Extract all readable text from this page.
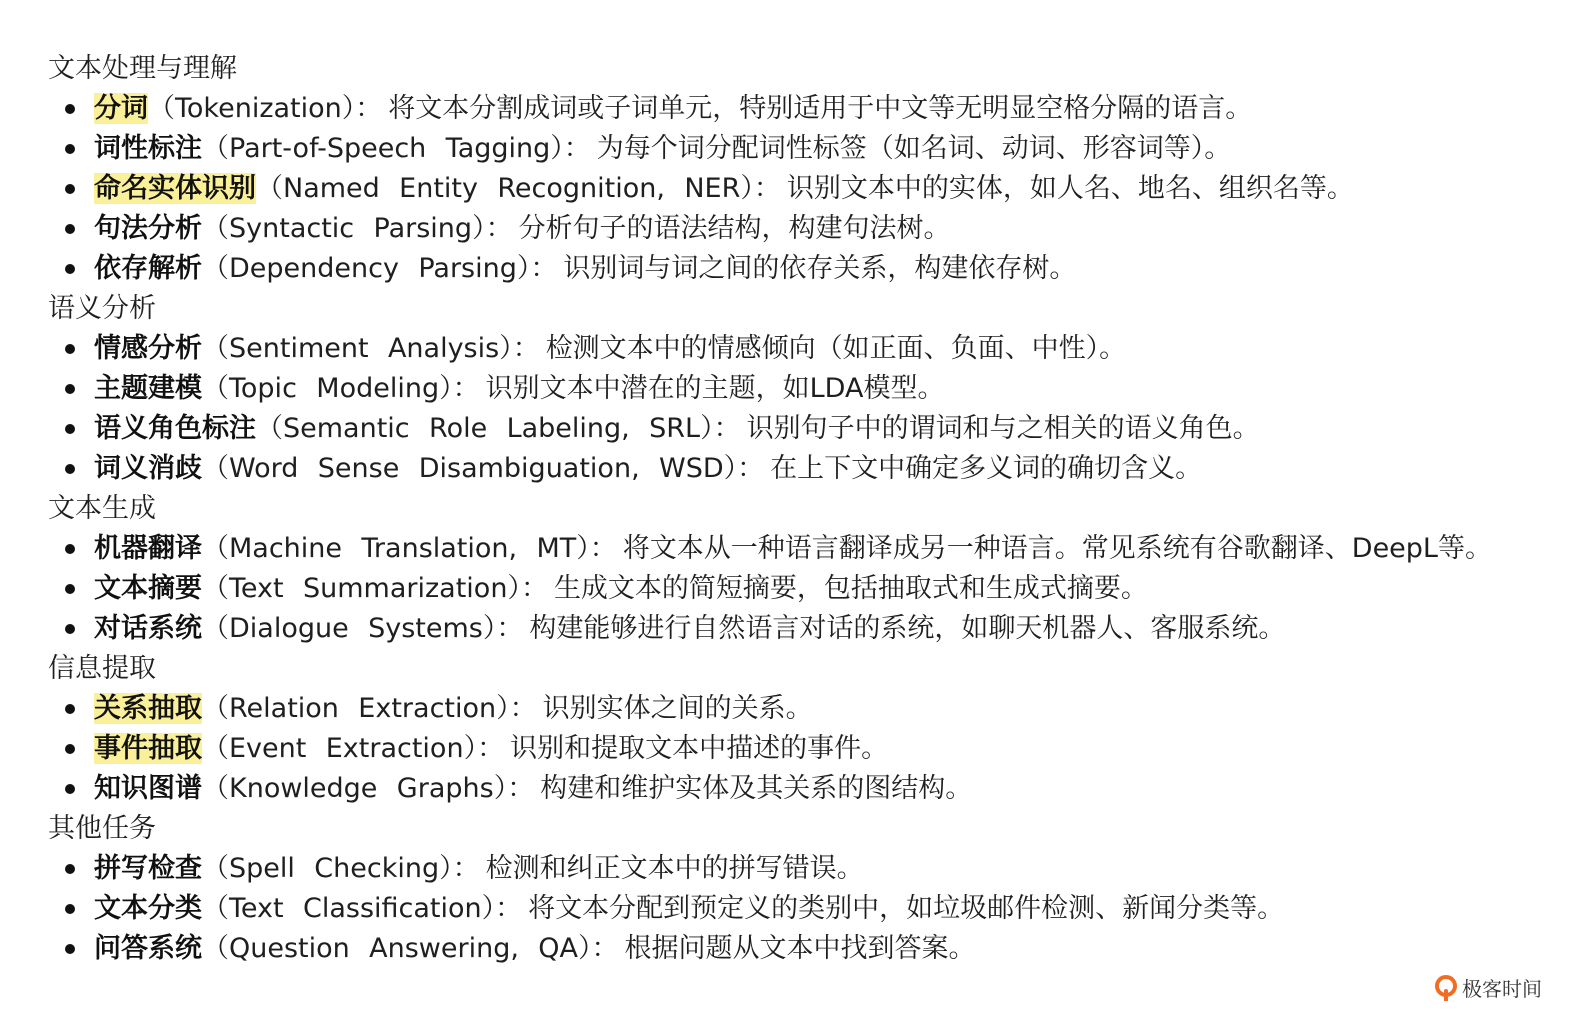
文本处理与理解
分词（Tokenization）： 将文本分割成词或子词单元，特别适用于中文等无明显空格分隔的语言。
词性标注（Part-of-Speech Tagging）： 为每个词分配词性标签（如名词、动词、形容词等）。
命名实体识别（Named Entity Recognition, NER）： 识别文本中的实体，如人名、地名、组织名等。
句法分析（Syntactic Parsing）： 分析句子的语法结构，构建句法树。
依存解析（Dependency Parsing）： 识别词与词之间的依存关系，构建依存树。
语义分析
情感分析（Sentiment Analysis）： 检测文本中的情感倾向（如正面、负面、中性）。
主题建模（Topic Modeling）： 识别文本中潜在的主题，如LDA模型。
语义角色标注（Semantic Role Labeling, SRL）： 识别句子中的谓词和与之相关的语义角色。
词义消歧（Word Sense Disambiguation, WSD）： 在上下文中确定多义词的确切含义。
文本生成
机器翻译（Machine Translation, MT）： 将文本从一种语言翻译成另一种语言。常见系统有谷歌翻译、DeepL等。
文本摘要（Text Summarization）： 生成文本的简短摘要，包括抽取式和生成式摘要。
对话系统（Dialogue Systems）： 构建能够进行自然语言对话的系统，如聊天机器人、客服系统。
信息提取
关系抽取（Relation Extraction）： 识别实体之间的关系。
事件抽取（Event Extraction）： 识别和提取文本中描述的事件。
知识图谱（Knowledge Graphs）： 构建和维护实体及其关系的图结构。
其他任务
拼写检查（Spell Checking）： 检测和纠正文本中的拼写错误。
文本分类（Text Classification）： 将文本分配到预定义的类别中，如垃圾邮件检测、新闻分类等。
问答系统（Question Answering, QA）： 根据问题从文本中找到答案。
极客时间
